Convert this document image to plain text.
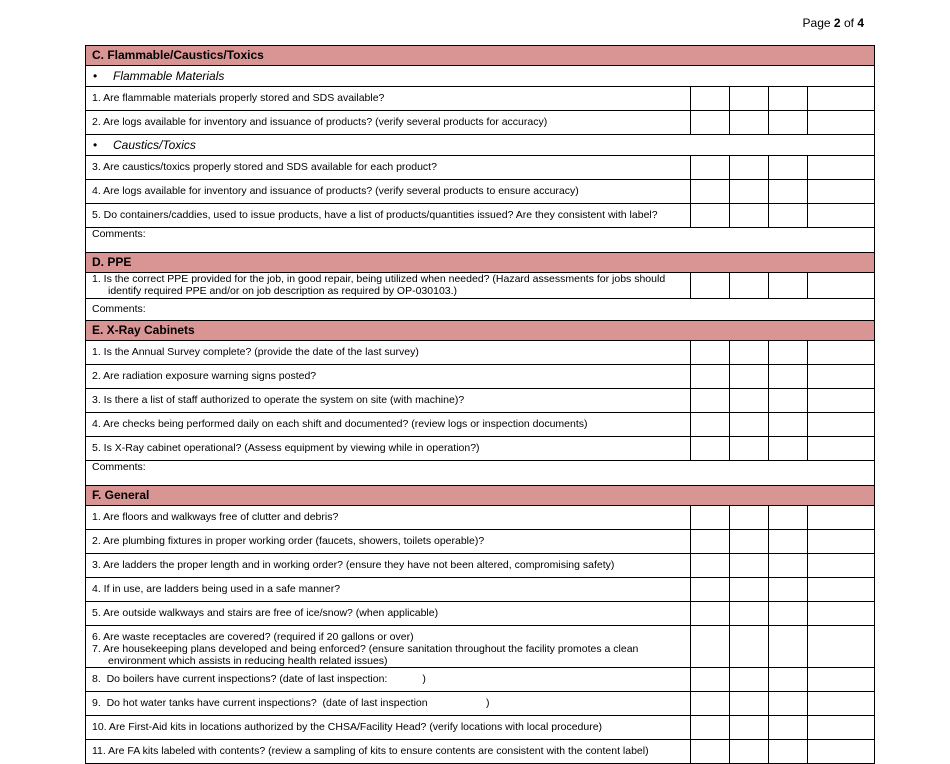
Page 2 of 4
C. Flammable/Caustics/Toxics				
• Flammable Materials				
1. Are flammable materials properly stored and SDS available?				
2. Are logs available for inventory and issuance of products? (verify several products for accuracy)				
• Caustics/Toxics				
3. Are caustics/toxics properly stored and SDS available for each product?				
4. Are logs available for inventory and issuance of products? (verify several products to ensure accuracy)				
5. Do containers/caddies, used to issue products, have a list of products/quantities issued? Are they consistent with label?				
Comments:				
D. PPE				

1. Is the correct PPE provided for the job, in good repair, being utilized when needed? (Hazard assessments for jobs should identify required PPE and/or on job description as required by OP-030103.)				

Comments:				
E. X-Ray Cabinets				
1. Is the Annual Survey complete? (provide the date of the last survey)				
2. Are radiation exposure warning signs posted?				
3. Is there a list of staff authorized to operate the system on site (with machine)?				
4. Are checks being performed daily on each shift and documented? (review logs or inspection documents)				
5. Is X-Ray cabinet operational? (Assess equipment by viewing while in operation?)				
Comments:				
F. General				
1. Are floors and walkways free of clutter and debris?				
2. Are plumbing fixtures in proper working order (faucets, showers, toilets operable)?				
3. Are ladders the proper length and in working order? (ensure they have not been altered, compromising safety)				
4. If in use, are ladders being used in a safe manner?				
5. Are outside walkways and stairs are free of ice/snow? (when applicable)				

6. Are waste receptacles are covered? (required if 20 gallons or over)
7. Are housekeeping plans developed and being enforced? (ensure sanitation throughout the facility promotes a clean environment which assists in reducing health related issues)				

8.  Do boilers have current inspections? (date of last inspection:            )				
9.  Do hot water tanks have current inspections?  (date of last inspection                    )				
10. Are First-Aid kits in locations authorized by the CHSA/Facility Head? (verify locations with local procedure)				
11. Are FA kits labeled with contents? (review a sampling of kits to ensure contents are consistent with the content label)				
